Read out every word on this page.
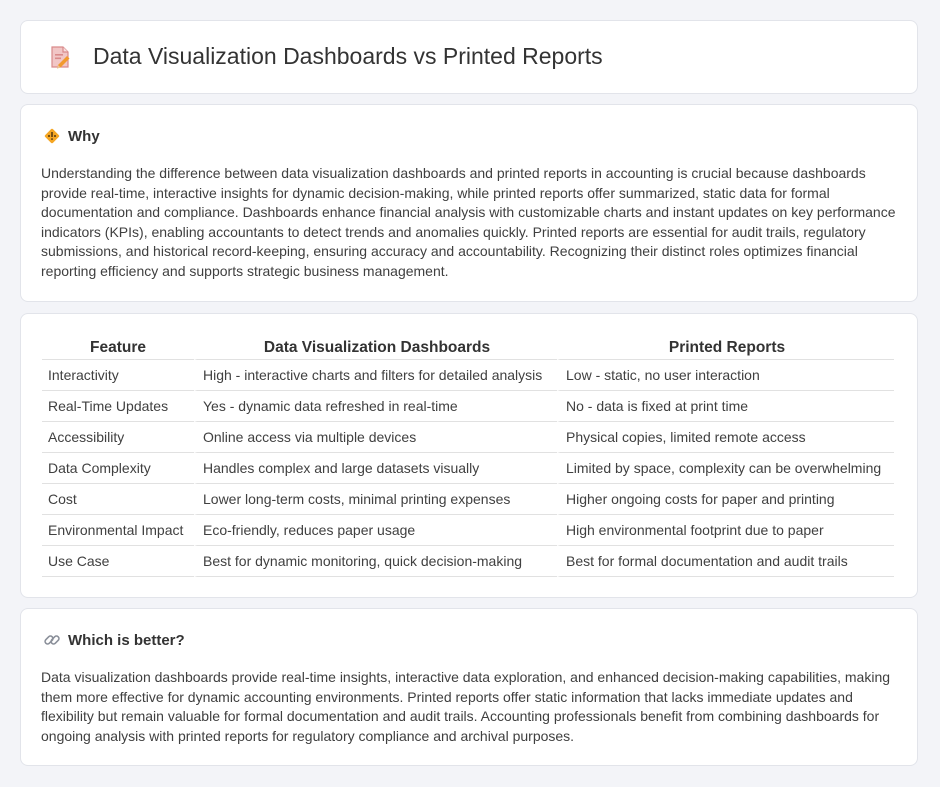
Data Visualization Dashboards vs Printed Reports
Why
Understanding the difference between data visualization dashboards and printed reports in accounting is crucial because dashboards provide real-time, interactive insights for dynamic decision-making, while printed reports offer summarized, static data for formal documentation and compliance. Dashboards enhance financial analysis with customizable charts and instant updates on key performance indicators (KPIs), enabling accountants to detect trends and anomalies quickly. Printed reports are essential for audit trails, regulatory submissions, and historical record-keeping, ensuring accuracy and accountability. Recognizing their distinct roles optimizes financial reporting efficiency and supports strategic business management.
Feature	Data Visualization Dashboards	Printed Reports
Interactivity	High - interactive charts and filters for detailed analysis	Low - static, no user interaction
Real-Time Updates	Yes - dynamic data refreshed in real-time	No - data is fixed at print time
Accessibility	Online access via multiple devices	Physical copies, limited remote access
Data Complexity	Handles complex and large datasets visually	Limited by space, complexity can be overwhelming
Cost	Lower long-term costs, minimal printing expenses	Higher ongoing costs for paper and printing
Environmental Impact	Eco-friendly, reduces paper usage	High environmental footprint due to paper
Use Case	Best for dynamic monitoring, quick decision-making	Best for formal documentation and audit trails
Which is better?
Data visualization dashboards provide real-time insights, interactive data exploration, and enhanced decision-making capabilities, making them more effective for dynamic accounting environments. Printed reports offer static information that lacks immediate updates and flexibility but remain valuable for formal documentation and audit trails. Accounting professionals benefit from combining dashboards for ongoing analysis with printed reports for regulatory compliance and archival purposes.
